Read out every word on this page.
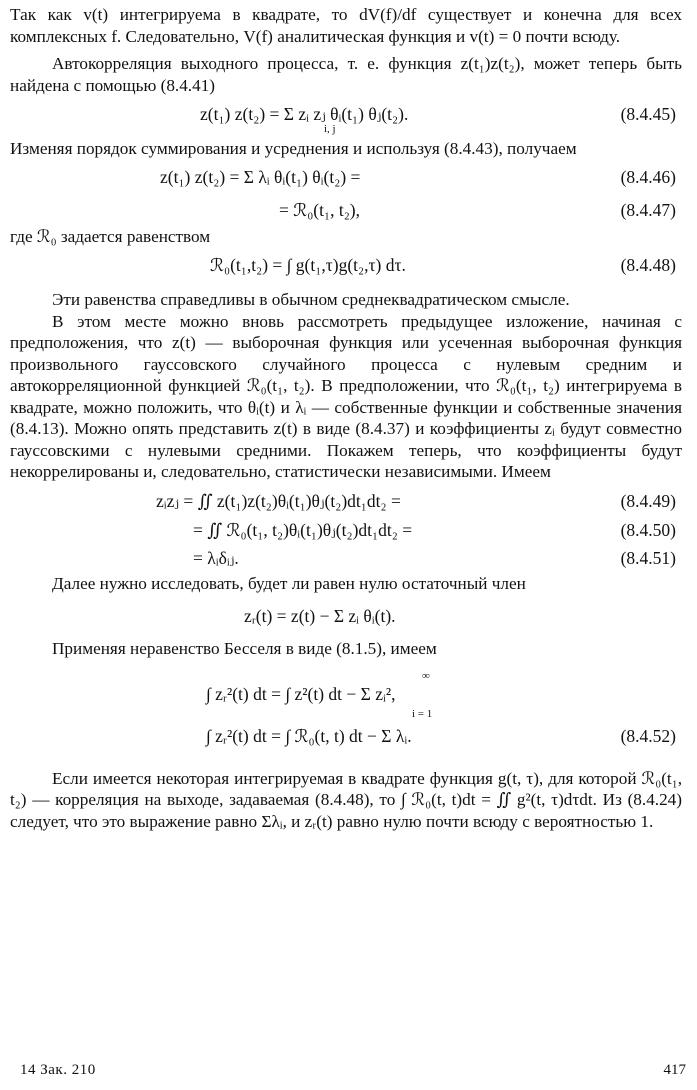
Так как v(t) интегрируема в квадрате, то dV(f)/df существует и конечна для всех комплексных f. Следовательно, V(f) аналитическая функция и v(t) = 0 почти всюду.

Автокорреляция выходного процесса, т. е. функция z(t₁)z(t₂), может теперь быть найдена с помощью (8.4.41)

z(t₁) z(t₂) = Σ zᵢ zⱼ θᵢ(t₁) θⱼ(t₂).
i, j
(8.4.45)

Изменяя порядок суммирования и усреднения и используя (8.4.43), получаем

z(t₁) z(t₂) = Σ λᵢ θᵢ(t₁) θᵢ(t₂) =	(8.4.46)
= ℛ₀(t₁, t₂),	(8.4.47)

где ℛ₀ задается равенством

ℛ₀(t₁,t₂) = ∫ g(t₁,τ)g(t₂,τ) dτ.	(8.4.48)

Эти равенства справедливы в обычном среднеквадратическом смысле.

В этом месте можно вновь рассмотреть предыдущее изложение, начиная с предположения, что z(t) — выборочная функция или усеченная выборочная функция произвольного гауссовского случайного процесса с нулевым средним и автокорреляционной функцией ℛ₀(t₁, t₂). В предположении, что ℛ₀(t₁, t₂) интегрируема в квадрате, можно положить, что θᵢ(t) и λᵢ — собственные функции и собственные значения (8.4.13). Можно опять представить z(t) в виде (8.4.37) и коэффициенты zᵢ будут совместно гауссовскими с нулевыми средними. Покажем теперь, что коэффициенты будут некоррелированы и, следовательно, статистически независимыми. Имеем

zᵢzⱼ = ∬ z(t₁)z(t₂)θᵢ(t₁)θⱼ(t₂)dt₁dt₂ =	(8.4.49)
= ∬ ℛ₀(t₁, t₂)θᵢ(t₁)θⱼ(t₂)dt₁dt₂ =	(8.4.50)
= λᵢδᵢⱼ.	(8.4.51)

Далее нужно исследовать, будет ли равен нулю остаточный член

zᵣ(t) = z(t) − Σ zᵢ θᵢ(t).

Применяя неравенство Бесселя в виде (8.1.5), имеем

∞
∫ zᵣ²(t) dt = ∫ z²(t) dt − Σ zᵢ²,
i = 1
∫ zᵣ²(t) dt = ∫ ℛ₀(t, t) dt − Σ λᵢ.	(8.4.52)

Если имеется некоторая интегрируемая в квадрате функция g(t, τ), для которой ℛ₀(t₁, t₂) — корреляция на выходе, задаваемая (8.4.48), то ∫ ℛ₀(t, t)dt = ∬ g²(t, τ)dτdt. Из (8.4.24) следует, что это выражение равно Σλᵢ, и zᵣ(t) равно нулю почти всюду с вероятностью 1.

14 Зак. 210	417
